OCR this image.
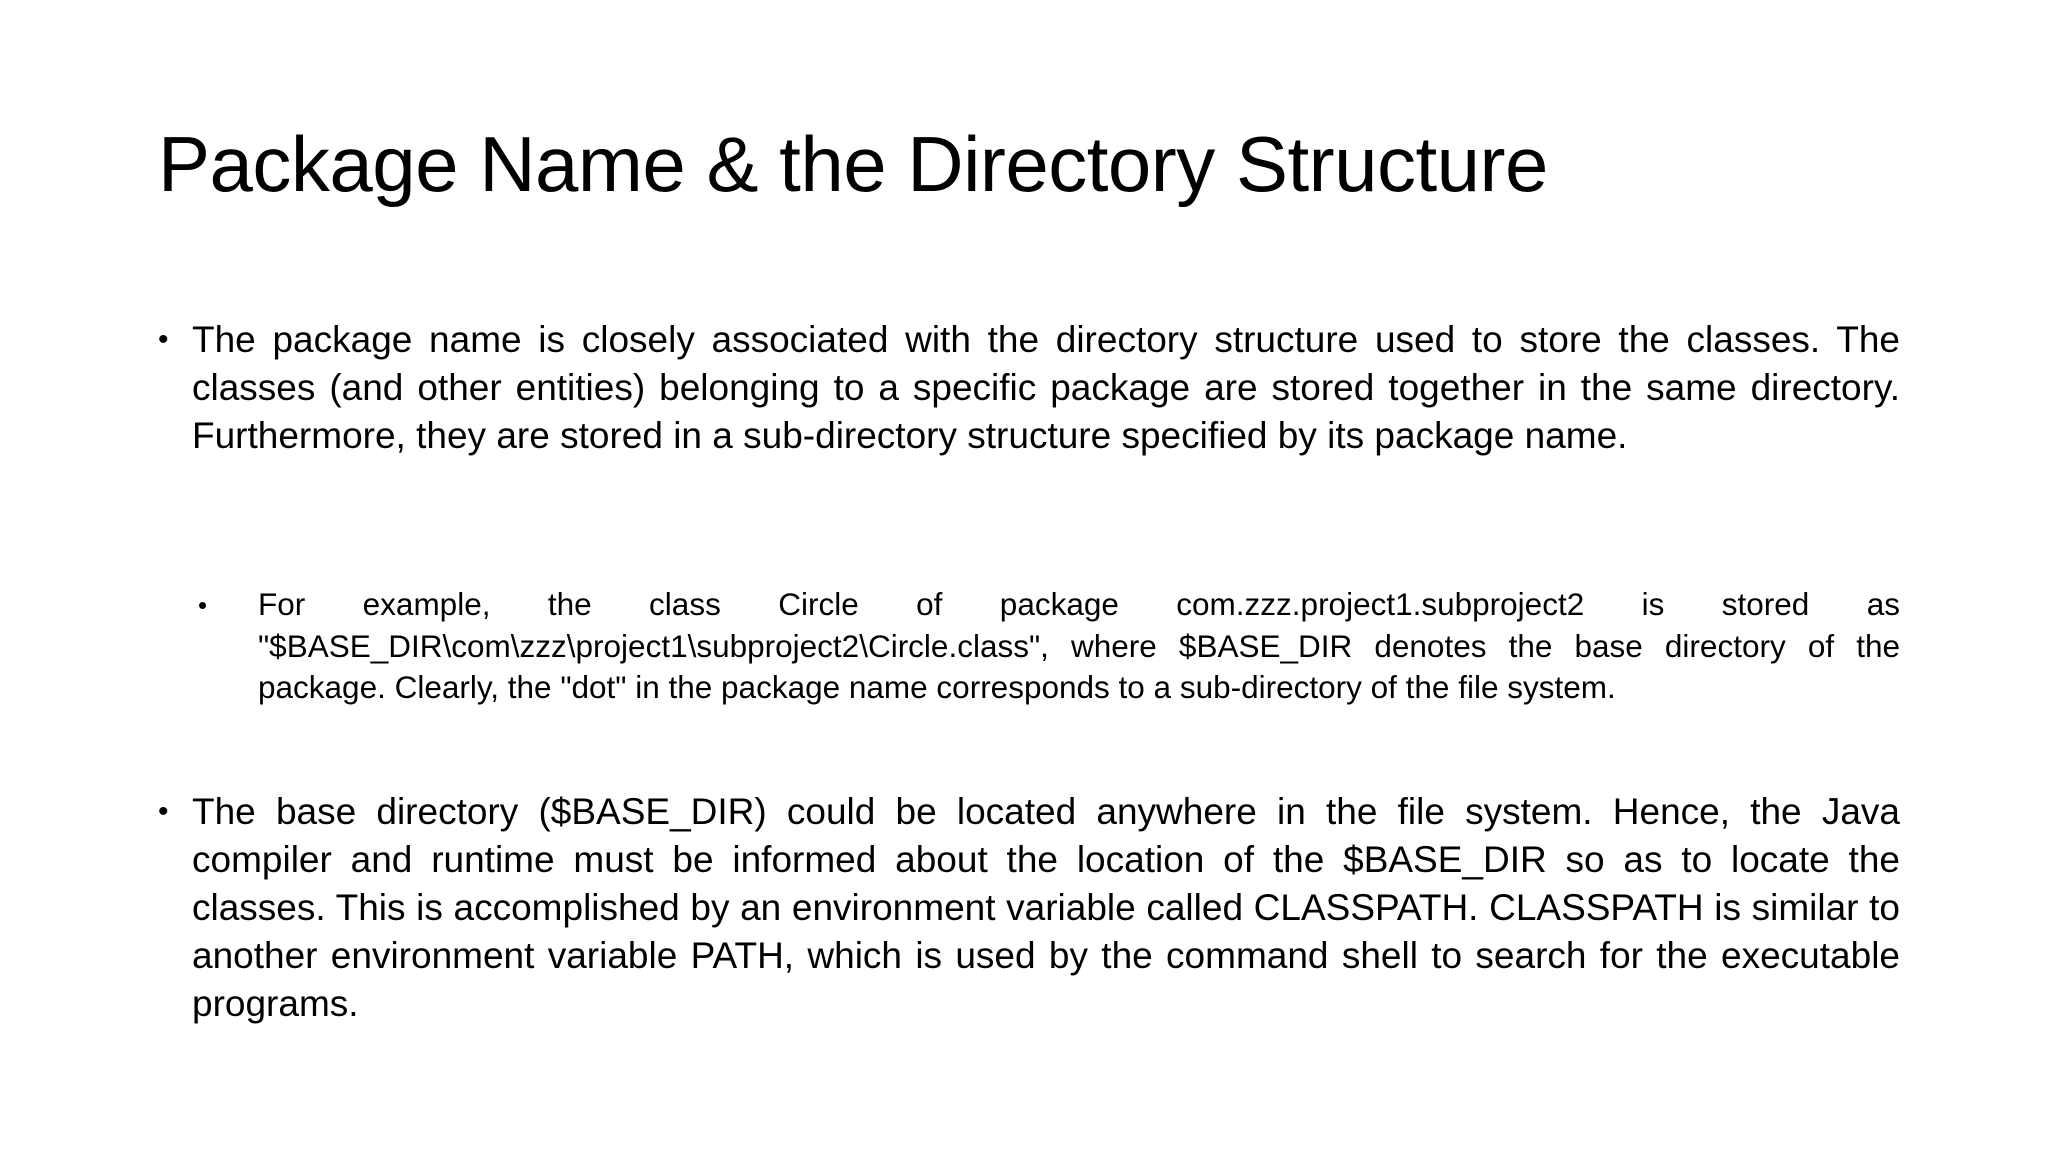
Package Name & the Directory Structure
• The package name is closely associated with the directory structure used to store the classes. The classes (and other entities) belonging to a specific package are stored together in the same directory. Furthermore, they are stored in a sub-directory structure specified by its package name.
•	For example, the class Circle of package com.zzz.project1.subproject2 is stored as "$BASE_DIR\com\zzz\project1\subproject2\Circle.class", where $BASE_DIR denotes the base directory of the package. Clearly, the "dot" in the package name corresponds to a sub-directory of the file system.
• The base directory ($BASE_DIR) could be located anywhere in the file system. Hence, the Java compiler and runtime must be informed about the location of the $BASE_DIR so as to locate the classes. This is accomplished by an environment variable called CLASSPATH. CLASSPATH is similar to another environment variable PATH, which is used by the command shell to search for the executable programs.
